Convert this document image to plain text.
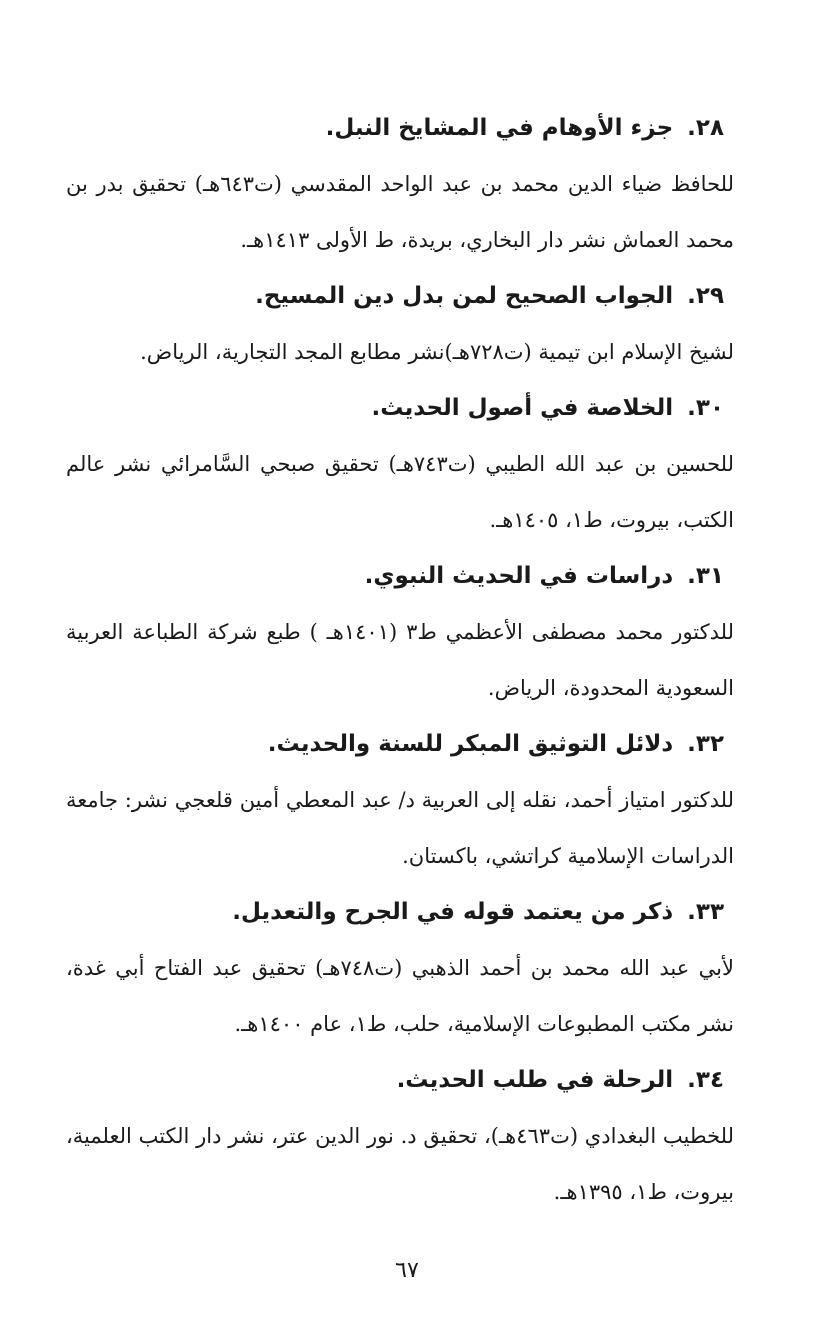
٢٨.جزء الأوهام في المشايخ النبل.
للحافظ ضياء الدين محمد بن عبد الواحد المقدسي (ت٦٤٣هـ) تحقيق بدر بن محمد العماش نشر دار البخاري، بريدة، ط الأولى ١٤١٣هـ.
٢٩.الجواب الصحيح لمن بدل دين المسيح.
لشيخ الإسلام ابن تيمية (ت٧٢٨هـ)نشر مطابع المجد التجارية، الرياض.
٣٠.الخلاصة في أصول الحديث.
للحسين بن عبد الله الطيبي (ت٧٤٣هـ) تحقيق صبحي السَّامرائي نشر عالم الكتب، بيروت، ط١، ١٤٠٥هـ.
٣١.دراسات في الحديث النبوي.
للدكتور محمد مصطفى الأعظمي ط٣ (١٤٠١هـ ) طبع شركة الطباعة العربية السعودية المحدودة، الرياض.
٣٢.دلائل التوثيق المبكر للسنة والحديث.
للدكتور امتياز أحمد، نقله إلى العربية د/ عبد المعطي أمين قلعجي نشر: جامعة الدراسات الإسلامية كراتشي، باكستان.
٣٣.ذكر من يعتمد قوله في الجرح والتعديل.
لأبي عبد الله محمد بن أحمد الذهبي (ت٧٤٨هـ) تحقيق عبد الفتاح أبي غدة، نشر مكتب المطبوعات الإسلامية، حلب، ط١، عام ١٤٠٠هـ.
٣٤.الرحلة في طلب الحديث.
للخطيب البغدادي (ت٤٦٣هـ)، تحقيق د. نور الدين عتر، نشر دار الكتب العلمية، بيروت، ط١، ١٣٩٥هـ.
٦٧
